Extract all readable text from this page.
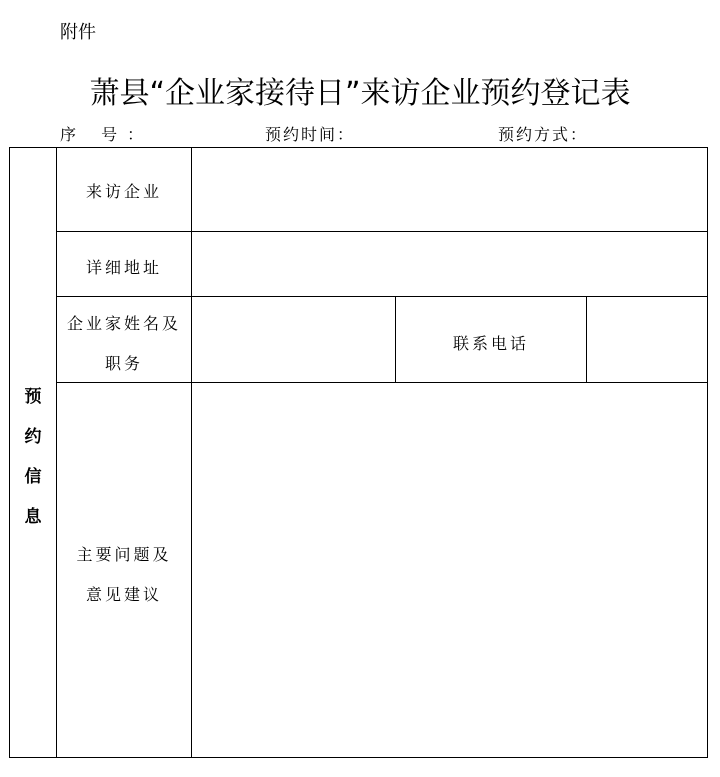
附件
萧县“企业家接待日”来访企业预约登记表
序 号：	预约时间：	预约方式：
预
约
信
息
来访企业
详细地址
企业家姓名及
职务
联系电话
主要问题及
意见建议
